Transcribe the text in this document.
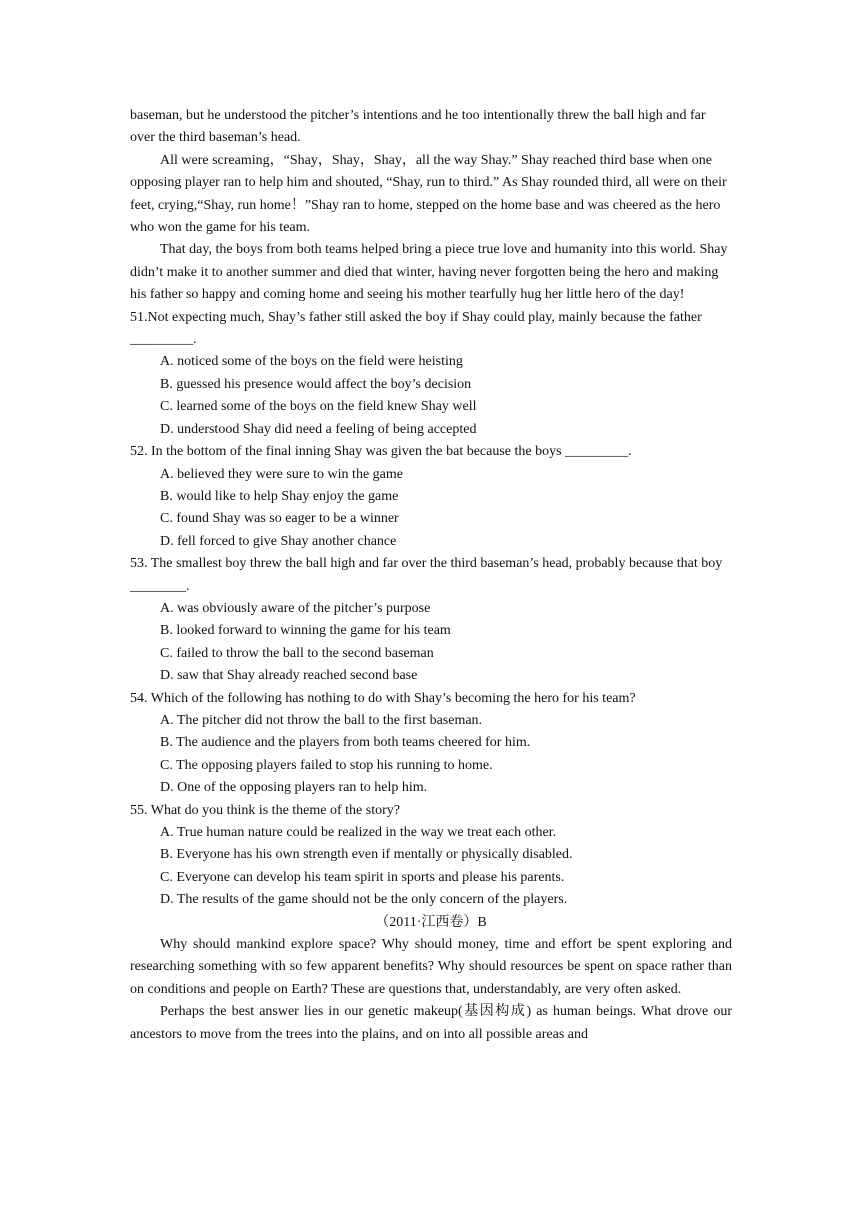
baseman, but he understood the pitcher’s intentions and he too intentionally threw the ball high and far over the third baseman’s head.

All were screaming，“Shay，Shay，Shay，all the way Shay.” Shay reached third base when one opposing player ran to help him and shouted, “Shay, run to third.” As Shay rounded third, all were on their feet, crying,“Shay, run home！”Shay ran to home, stepped on the home base and was cheered as the hero who won the game for his team.

That day, the boys from both teams helped bring a piece true love and humanity into this world. Shay didn’t make it to another summer and died that winter, having never forgotten being the hero and making his father so happy and coming home and seeing his mother tearfully hug her little hero of the day!

51.Not expecting much, Shay’s father still asked the boy if Shay could play, mainly because the father _________.

A. noticed some of the boys on the field were heisting

B. guessed his presence would affect the boy’s decision

C. learned some of the boys on the field knew Shay well

D. understood Shay did need a feeling of being accepted

52. In the bottom of the final inning Shay was given the bat because the boys _________.

A. believed they were sure to win the game

B. would like to help Shay enjoy the game

C. found Shay was so eager to be a winner

D. fell forced to give Shay another chance

53. The smallest boy threw the ball high and far over the third baseman’s head, probably because that boy ________.

A. was obviously aware of the pitcher’s purpose

B. looked forward to winning the game for his team

C. failed to throw the ball to the second baseman

D. saw that Shay already reached second base

54. Which of the following has nothing to do with Shay’s becoming the hero for his team?

A. The pitcher did not throw the ball to the first baseman.

B. The audience and the players from both teams cheered for him.

C. The opposing players failed to stop his running to home.

D. One of the opposing players ran to help him.

55. What do you think is the theme of the story?

A. True human nature could be realized in the way we treat each other.

B. Everyone has his own strength even if mentally or physically disabled.

C. Everyone can develop his team spirit in sports and please his parents.

D. The results of the game should not be the only concern of the players.

（2011·江西卷）B

Why should mankind explore space? Why should money, time and effort be spent exploring and researching something with so few apparent benefits? Why should resources be spent on space rather than on conditions and people on Earth? These are questions that, understandably, are very often asked.

Perhaps the best answer lies in our genetic makeup(基因构成) as human beings. What drove our ancestors to move from the trees into the plains, and on into all possible areas and
